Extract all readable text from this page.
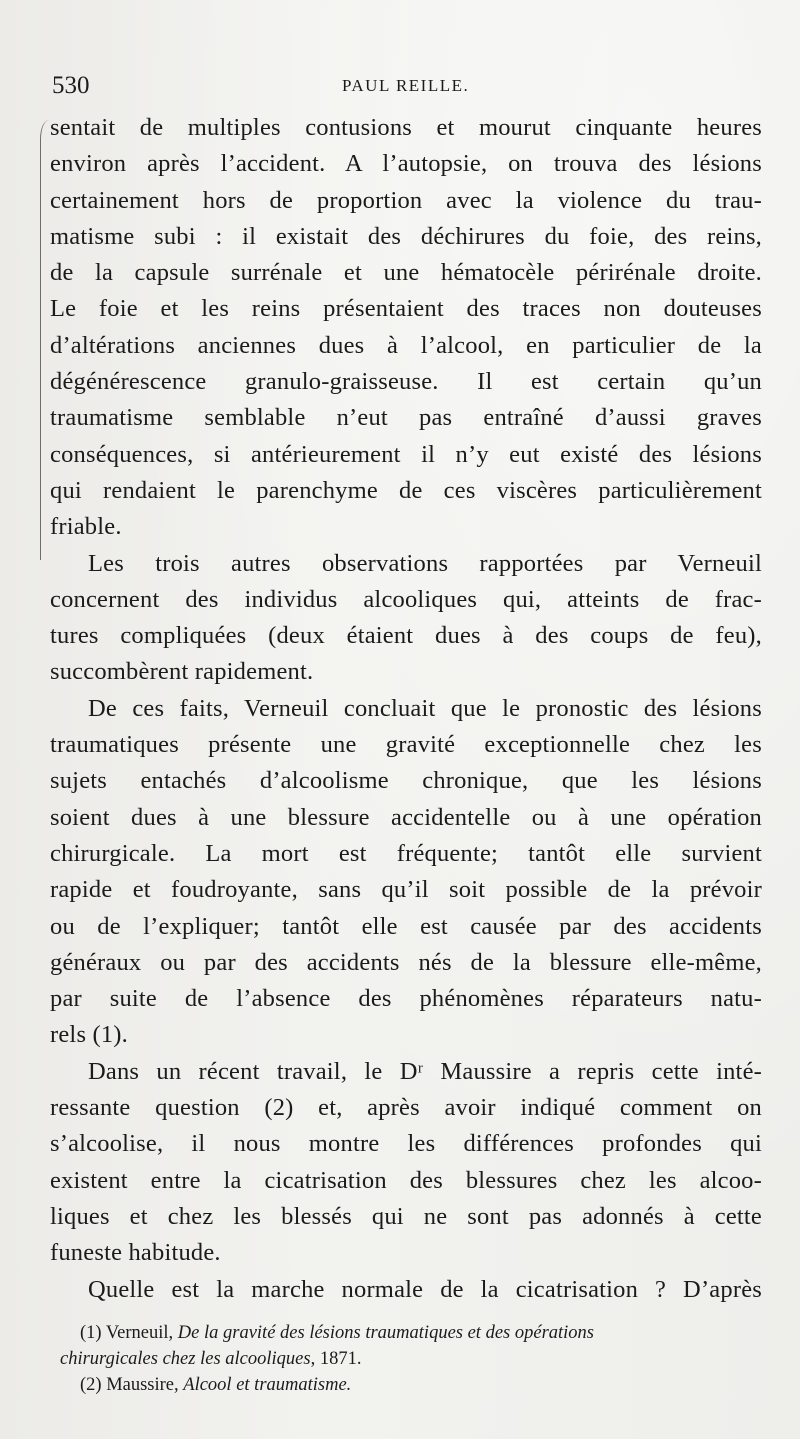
530	PAUL REILLE.
sentait de multiples contusions et mourut cinquante heures
environ après l’accident. A l’autopsie, on trouva des lésions
certainement hors de proportion avec la violence du trau-
matisme subi : il existait des déchirures du foie, des reins,
de la capsule surrénale et une hématocèle périrénale droite.
Le foie et les reins présentaient des traces non douteuses
d’altérations anciennes dues à l’alcool, en particulier de la
dégénérescence granulo-graisseuse. Il est certain qu’un
traumatisme semblable n’eut pas entraîné d’aussi graves
conséquences, si antérieurement il n’y eut existé des lésions
qui rendaient le parenchyme de ces viscères particulièrement
friable.
Les trois autres observations rapportées par Verneuil
concernent des individus alcooliques qui, atteints de frac-
tures compliquées (deux étaient dues à des coups de feu),
succombèrent rapidement.
De ces faits, Verneuil concluait que le pronostic des lésions
traumatiques présente une gravité exceptionnelle chez les
sujets entachés d’alcoolisme chronique, que les lésions
soient dues à une blessure accidentelle ou à une opération
chirurgicale. La mort est fréquente; tantôt elle survient
rapide et foudroyante, sans qu’il soit possible de la prévoir
ou de l’expliquer; tantôt elle est causée par des accidents
généraux ou par des accidents nés de la blessure elle-même,
par suite de l’absence des phénomènes réparateurs natu-
rels (1).
Dans un récent travail, le Dʳ Maussire a repris cette inté-
ressante question (2) et, après avoir indiqué comment on
s’alcoolise, il nous montre les différences profondes qui
existent entre la cicatrisation des blessures chez les alcoo-
liques et chez les blessés qui ne sont pas adonnés à cette
funeste habitude.
Quelle est la marche normale de la cicatrisation ? D’après
(1) Verneuil, De la gravité des lésions traumatiques et des opérations
chirurgicales chez les alcooliques, 1871.
(2) Maussire, Alcool et traumatisme.
